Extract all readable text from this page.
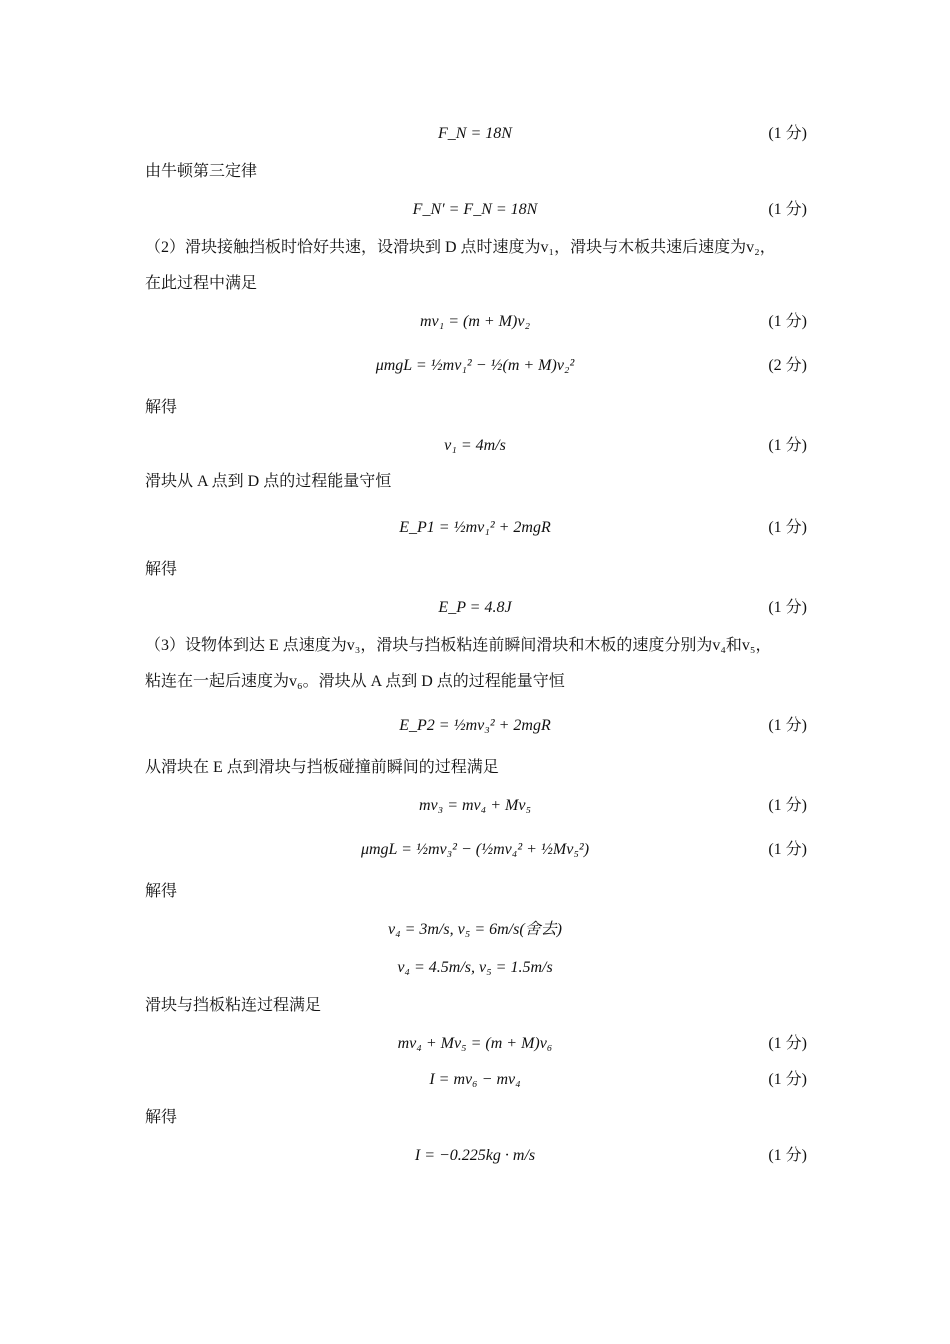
F_N = 18N	(1 分)
由牛顿第三定律
F_N′ = F_N = 18N	(1 分)
（2）滑块接触挡板时恰好共速，设滑块到 D 点时速度为v₁，滑块与木板共速后速度为v₂，
在此过程中满足
mv₁ = (m + M)v₂	(1 分)
μmgL = ½mv₁² − ½(m + M)v₂²	(2 分)
解得
v₁ = 4m/s	(1 分)
滑块从 A 点到 D 点的过程能量守恒
E_P1 = ½mv₁² + 2mgR	(1 分)
解得
E_P = 4.8J	(1 分)
（3）设物体到达 E 点速度为v₃，滑块与挡板粘连前瞬间滑块和木板的速度分别为v₄和v₅，
粘连在一起后速度为v₆。滑块从 A 点到 D 点的过程能量守恒
E_P2 = ½mv₃² + 2mgR	(1 分)
从滑块在 E 点到滑块与挡板碰撞前瞬间的过程满足
mv₃ = mv₄ + Mv₅	(1 分)
μmgL = ½mv₃² − (½mv₄² + ½Mv₅²)	(1 分)
解得
v₄ = 3m/s, v₅ = 6m/s(舍去)
v₄ = 4.5m/s, v₅ = 1.5m/s
滑块与挡板粘连过程满足
mv₄ + Mv₅ = (m + M)v₆	(1 分)
I = mv₆ − mv₄	(1 分)
解得
I = −0.225kg · m/s	(1 分)
